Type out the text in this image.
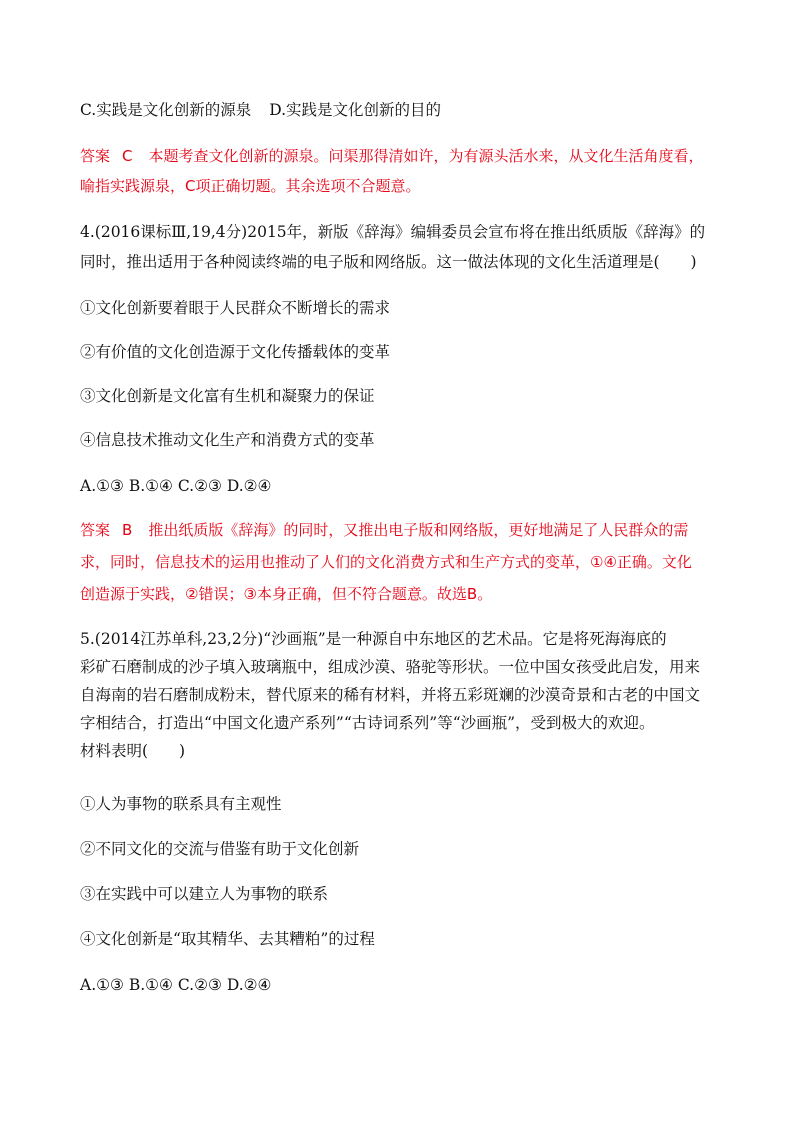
C.实践是文化创新的源泉 D.实践是文化创新的目的
答案 C 本题考查文化创新的源泉。问渠那得清如许，为有源头活水来，从文化生活角度看，
喻指实践源泉，C项正确切题。其余选项不合题意。
4.(2016课标Ⅲ,19,4分)2015年，新版《辞海》编辑委员会宣布将在推出纸质版《辞海》的
同时，推出适用于各种阅读终端的电子版和网络版。这一做法体现的文化生活道理是(　　)
①文化创新要着眼于人民群众不断增长的需求
②有价值的文化创造源于文化传播载体的变革
③文化创新是文化富有生机和凝聚力的保证
④信息技术推动文化生产和消费方式的变革
A.①③ B.①④ C.②③ D.②④
答案 B 推出纸质版《辞海》的同时，又推出电子版和网络版，更好地满足了人民群众的需
求，同时，信息技术的运用也推动了人们的文化消费方式和生产方式的变革，①④正确。文化
创造源于实践，②错误；③本身正确，但不符合题意。故选B。
5.(2014江苏单科,23,2分)“沙画瓶”是一种源自中东地区的艺术品。它是将死海海底的
彩矿石磨制成的沙子填入玻璃瓶中，组成沙漠、骆驼等形状。一位中国女孩受此启发，用来
自海南的岩石磨制成粉末，替代原来的稀有材料，并将五彩斑斓的沙漠奇景和古老的中国文
字相结合，打造出“中国文化遗产系列”“古诗词系列”等“沙画瓶”，受到极大的欢迎。
材料表明(　　)
①人为事物的联系具有主观性
②不同文化的交流与借鉴有助于文化创新
③在实践中可以建立人为事物的联系
④文化创新是“取其精华、去其糟粕”的过程
A.①③ B.①④ C.②③ D.②④
